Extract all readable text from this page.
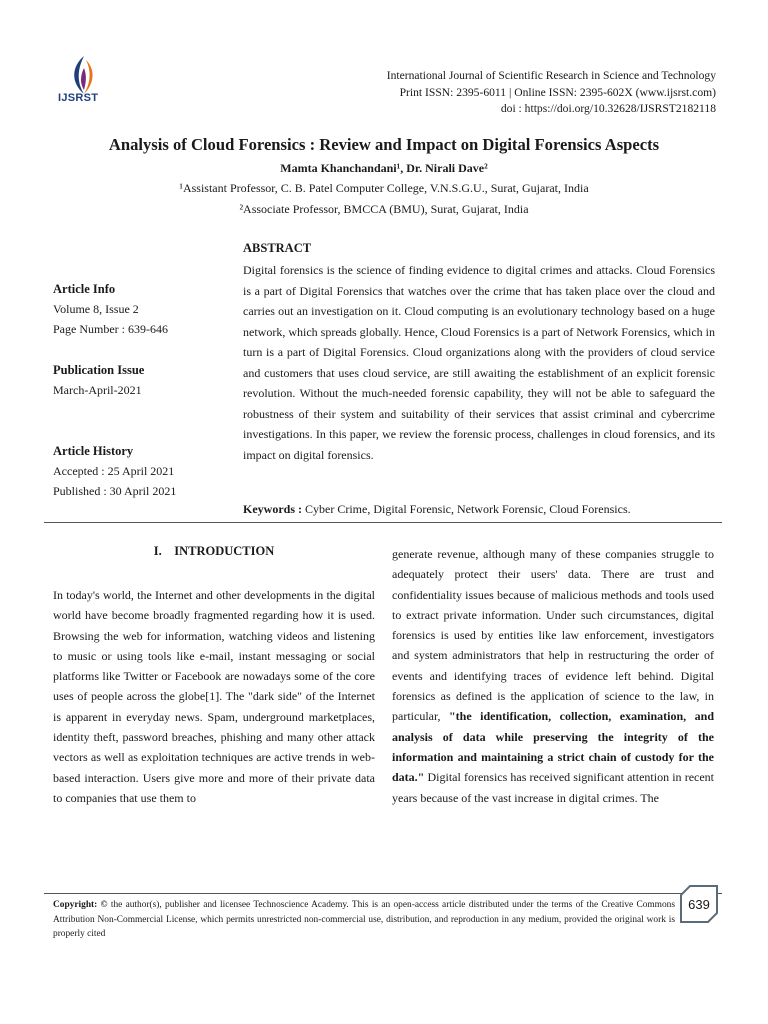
IJSRST
International Journal of Scientific Research in Science and Technology
Print ISSN: 2395-6011 | Online ISSN: 2395-602X (www.ijsrst.com)
doi : https://doi.org/10.32628/IJSRST2182118
Analysis of Cloud Forensics : Review and Impact on Digital Forensics Aspects
Mamta Khanchandani¹, Dr. Nirali Dave²
¹Assistant Professor, C. B. Patel Computer College, V.N.S.G.U., Surat, Gujarat, India
²Associate Professor, BMCCA (BMU), Surat, Gujarat, India
Article Info
Volume 8, Issue 2
Page Number : 639-646
Publication Issue
March-April-2021
Article History
Accepted : 25 April 2021
Published : 30 April 2021
ABSTRACT
Digital forensics is the science of finding evidence to digital crimes and attacks. Cloud Forensics is a part of Digital Forensics that watches over the crime that has taken place over the cloud and carries out an investigation on it. Cloud computing is an evolutionary technology based on a huge network, which spreads globally. Hence, Cloud Forensics is a part of Network Forensics, which in turn is a part of Digital Forensics. Cloud organizations along with the providers of cloud service and customers that uses cloud service, are still awaiting the establishment of an explicit forensic revolution. Without the much-needed forensic capability, they will not be able to safeguard the robustness of their system and suitability of their services that assist criminal and cybercrime investigations. In this paper, we review the forensic process, challenges in cloud forensics, and its impact on digital forensics.
Keywords : Cyber Crime, Digital Forensic, Network Forensic, Cloud Forensics.
I.    INTRODUCTION

In today's world, the Internet and other developments in the digital world have become broadly fragmented regarding how it is used. Browsing the web for information, watching videos and listening to music or using tools like e-mail, instant messaging or social platforms like Twitter or Facebook are nowadays some of the core uses of people across the globe[1]. The "dark side" of the Internet is apparent in everyday news. Spam, underground marketplaces, identity theft, password breaches, phishing and many other attack vectors as well as exploitation techniques are active trends in web-based interaction. Users give more and more of their private data to companies that use them to

generate revenue, although many of these companies struggle to adequately protect their users' data. There are trust and confidentiality issues because of malicious methods and tools used to extract private information. Under such circumstances, digital forensics is used by entities like law enforcement, investigators and system administrators that help in restructuring the order of events and identifying traces of evidence left behind. Digital forensics as defined is the application of science to the law, in particular, "the identification, collection, examination, and analysis of data while preserving the integrity of the information and maintaining a strict chain of custody for the data." Digital forensics has received significant attention in recent years because of the vast increase in digital crimes. The

Copyright: © the author(s), publisher and licensee Technoscience Academy. This is an open-access article distributed under the terms of the Creative Commons Attribution Non-Commercial License, which permits unrestricted non-commercial use, distribution, and reproduction in any medium, provided the original work is properly cited
639
